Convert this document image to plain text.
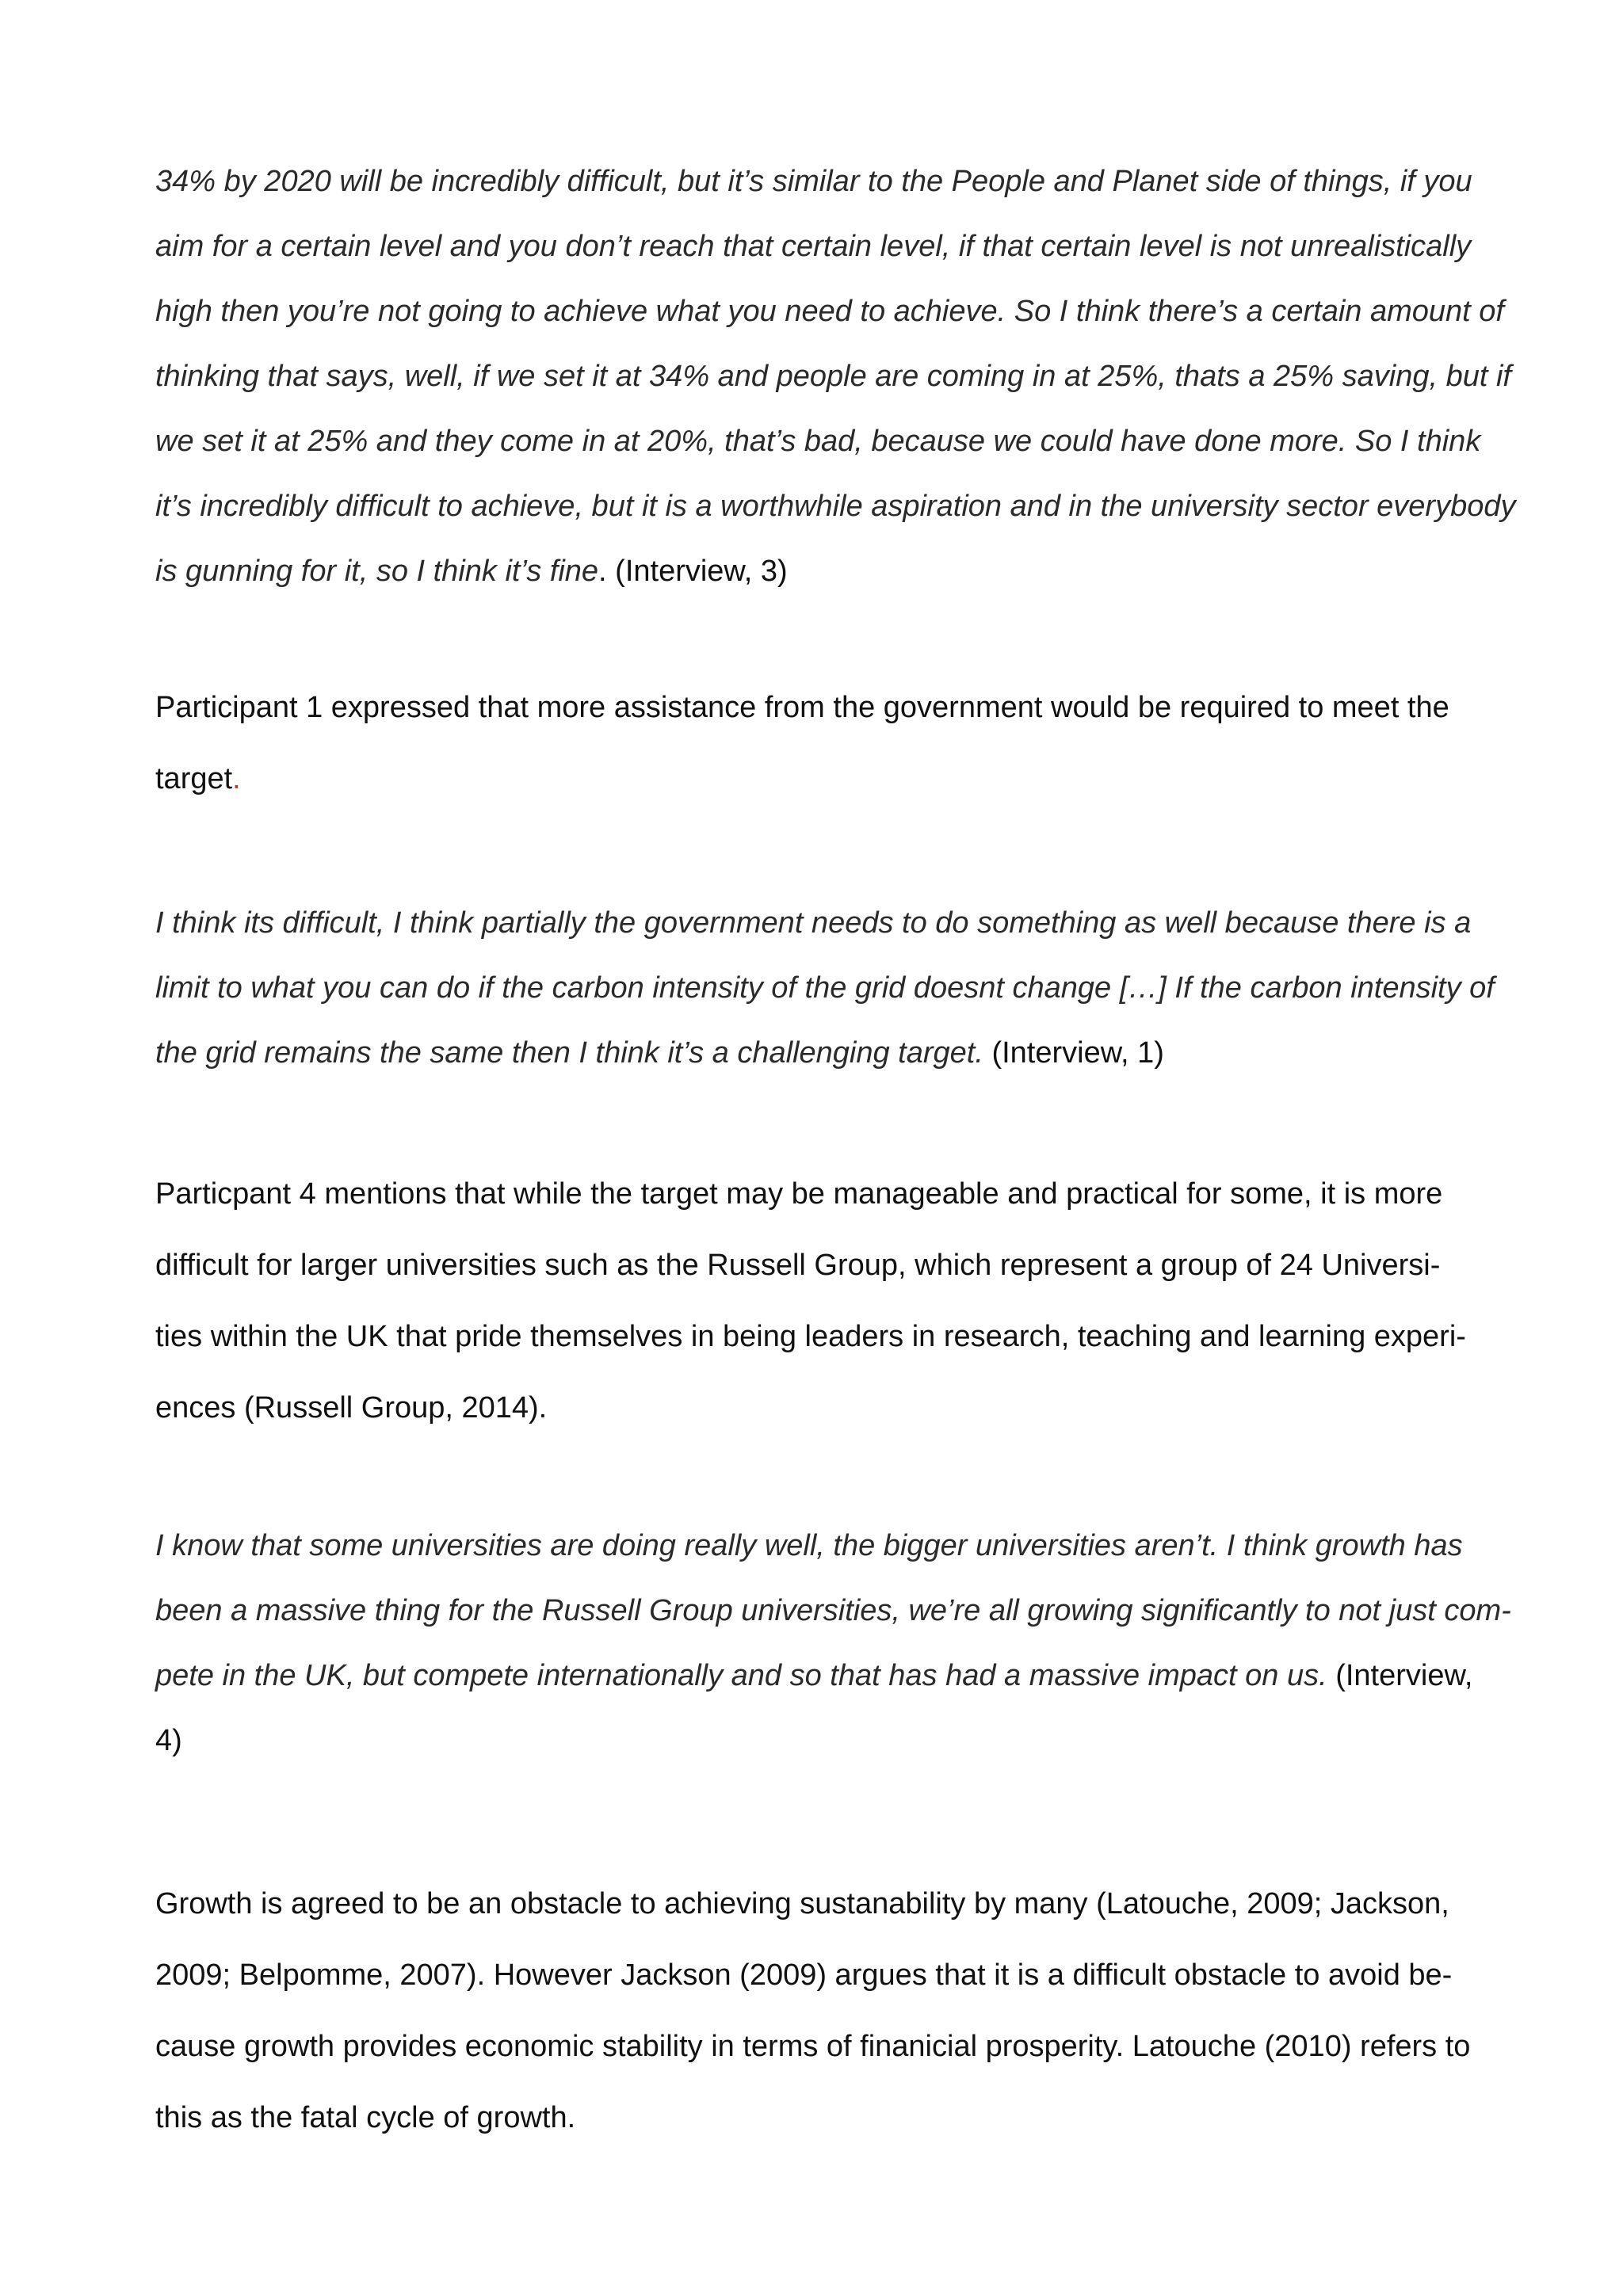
34% by 2020 will be incredibly difficult, but it’s similar to the People and Planet side of things, if you
aim for a certain level and you don’t reach that certain level, if that certain level is not unrealistically
high then you’re not going to achieve what you need to achieve. So I think there’s a certain amount of
thinking that says, well, if we set it at 34% and people are coming in at 25%, thats a 25% saving, but if
we set it at 25% and they come in at 20%, that’s bad, because we could have done more. So I think
it’s incredibly difficult to achieve, but it is a worthwhile aspiration and in the university sector everybody
is gunning for it, so I think it’s fine. (Interview, 3)
Participant 1 expressed that more assistance from the government would be required to meet the
target.
I think its difficult, I think partially the government needs to do something as well because there is a
limit to what you can do if the carbon intensity of the grid doesnt change […] If the carbon intensity of
the grid remains the same then I think it’s a challenging target. (Interview, 1)
Particpant 4 mentions that while the target may be manageable and practical for some, it is more
difficult for larger universities such as the Russell Group, which represent a group of 24 Universi-
ties within the UK that pride themselves in being leaders in research, teaching and learning experi-
ences (Russell Group, 2014).
I know that some universities are doing really well, the bigger universities aren’t. I think growth has
been a massive thing for the Russell Group universities, we’re all growing significantly to not just com-
pete in the UK, but compete internationally and so that has had a massive impact on us. (Interview,
4)
Growth is agreed to be an obstacle to achieving sustanability by many (Latouche, 2009; Jackson,
2009; Belpomme, 2007). However Jackson (2009) argues that it is a difficult obstacle to avoid be-
cause growth provides economic stability in terms of finanicial prosperity. Latouche (2010) refers to
this as the fatal cycle of growth.
